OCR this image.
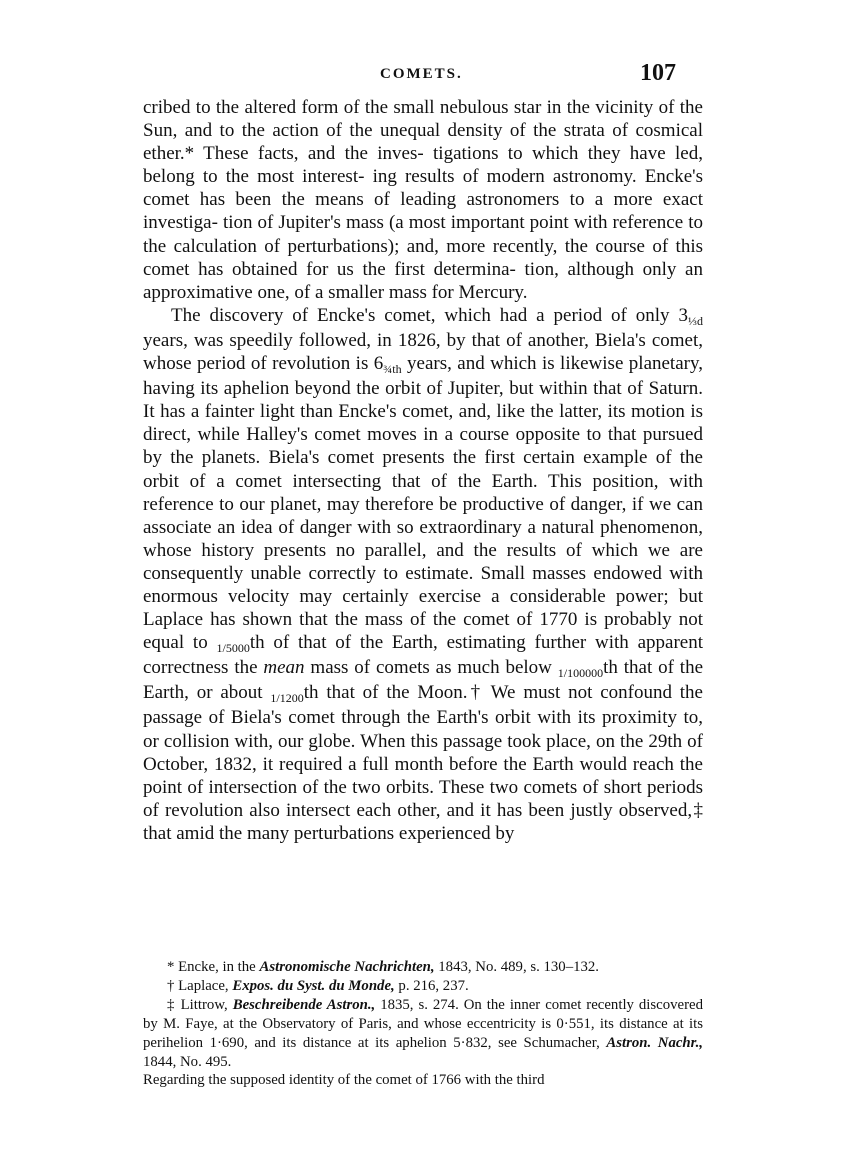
COMETS.	107

cribed to the altered form of the small nebulous star in the vicinity of the Sun, and to the action of the unequal density of the strata of cosmical ether.* These facts, and the inves- tigations to which they have led, belong to the most interest- ing results of modern astronomy. Encke's comet has been the means of leading astronomers to a more exact investiga- tion of Jupiter's mass (a most important point with reference to the calculation of perturbations); and, more recently, the course of this comet has obtained for us the first determina- tion, although only an approximative one, of a smaller mass for Mercury.

The discovery of Encke's comet, which had a period of only $3_{\frac{1}{3}d}$ years, was speedily followed, in 1826, by that of another, Biela's comet, whose period of revolution is $6_{\frac{3}{4}th}$ years, and which is likewise planetary, having its aphelion beyond the orbit of Jupiter, but within that of Saturn. It has a fainter light than Encke's comet, and, like the latter, its motion is direct, while Halley's comet moves in a course opposite to that pursued by the planets. Biela's comet presents the first certain example of the orbit of a comet intersecting that of the Earth. This position, with reference to our planet, may therefore be productive of danger, if we can associate an idea of danger with so extraordinary a natural phenomenon, whose history presents no parallel, and the results of which we are consequently unable correctly to estimate. Small masses endowed with enormous velocity may certainly exercise a considerable power; but Laplace has shown that the mass of the comet of 1770 is probably not equal to $_{1/5000}$th of that of the Earth, estimating further with apparent correctness the mean mass of comets as much below $_{1/100000}$th that of the Earth, or about $_{1/1200}$th that of the Moon.† We must not confound the passage of Biela's comet through the Earth's orbit with its proximity to, or collision with, our globe. When this passage took place, on the 29th of October, 1832, it required a full month before the Earth would reach the point of intersection of the two orbits. These two comets of short periods of revolution also intersect each other, and it has been justly observed,‡ that amid the many perturbations experienced by

* Encke, in the Astronomische Nachrichten, 1843, No. 489, s. 130–132.

† Laplace, Expos. du Syst. du Monde, p. 216, 237.

‡ Littrow, Beschreibende Astron., 1835, s. 274. On the inner comet recently discovered by M. Faye, at the Observatory of Paris, and whose eccentricity is 0·551, its distance at its perihelion 1·690, and its distance at its aphelion 5·832, see Schumacher, Astron. Nachr., 1844, No. 495.

Regarding the supposed identity of the comet of 1766 with the third
